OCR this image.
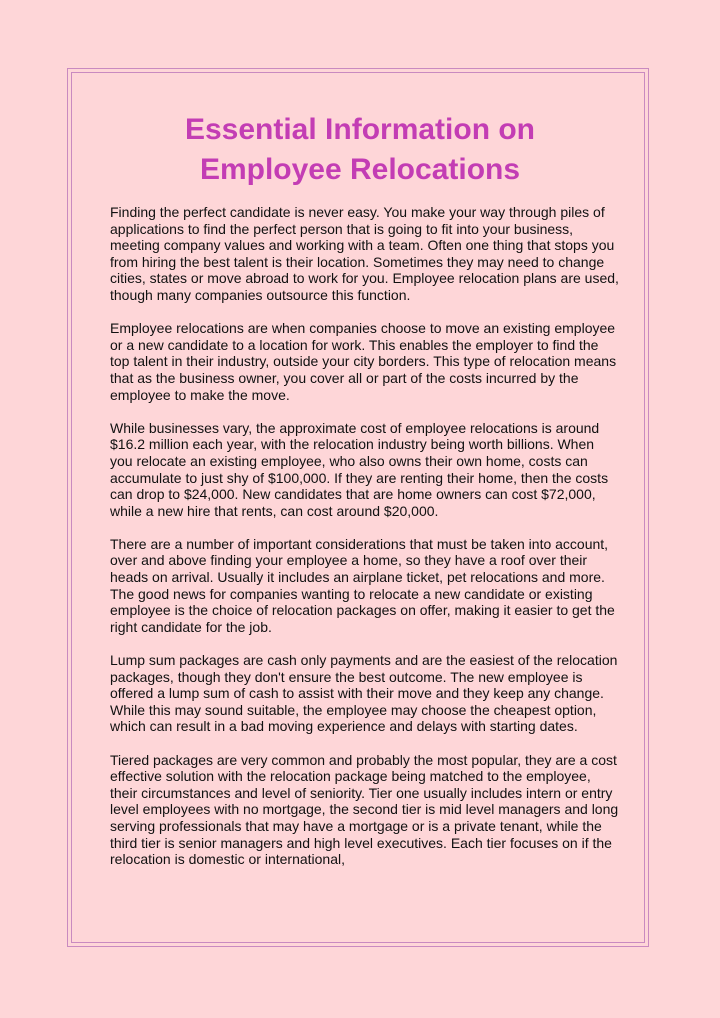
Essential Information on
Employee Relocations

Finding the perfect candidate is never easy. You make your way through piles of applications to find the perfect person that is going to fit into your business, meeting company values and working with a team. Often one thing that stops you from hiring the best talent is their location. Sometimes they may need to change cities, states or move abroad to work for you. Employee relocation plans are used, though many companies outsource this function.

Employee relocations are when companies choose to move an existing employee or a new candidate to a location for work. This enables the employer to find the top talent in their industry, outside your city borders. This type of relocation means that as the business owner, you cover all or part of the costs incurred by the employee to make the move.

While businesses vary, the approximate cost of employee relocations is around $16.2 million each year, with the relocation industry being worth billions. When you relocate an existing employee, who also owns their own home, costs can accumulate to just shy of $100,000. If they are renting their home, then the costs can drop to $24,000. New candidates that are home owners can cost $72,000, while a new hire that rents, can cost around $20,000.

There are a number of important considerations that must be taken into account, over and above finding your employee a home, so they have a roof over their heads on arrival. Usually it includes an airplane ticket, pet relocations and more. The good news for companies wanting to relocate a new candidate or existing employee is the choice of relocation packages on offer, making it easier to get the right candidate for the job.

Lump sum packages are cash only payments and are the easiest of the relocation packages, though they don't ensure the best outcome. The new employee is offered a lump sum of cash to assist with their move and they keep any change. While this may sound suitable, the employee may choose the cheapest option, which can result in a bad moving experience and delays with starting dates.

Tiered packages are very common and probably the most popular, they are a cost effective solution with the relocation package being matched to the employee, their circumstances and level of seniority. Tier one usually includes intern or entry level employees with no mortgage, the second tier is mid level managers and long serving professionals that may have a mortgage or is a private tenant, while the third tier is senior managers and high level executives. Each tier focuses on if the relocation is domestic or international,
